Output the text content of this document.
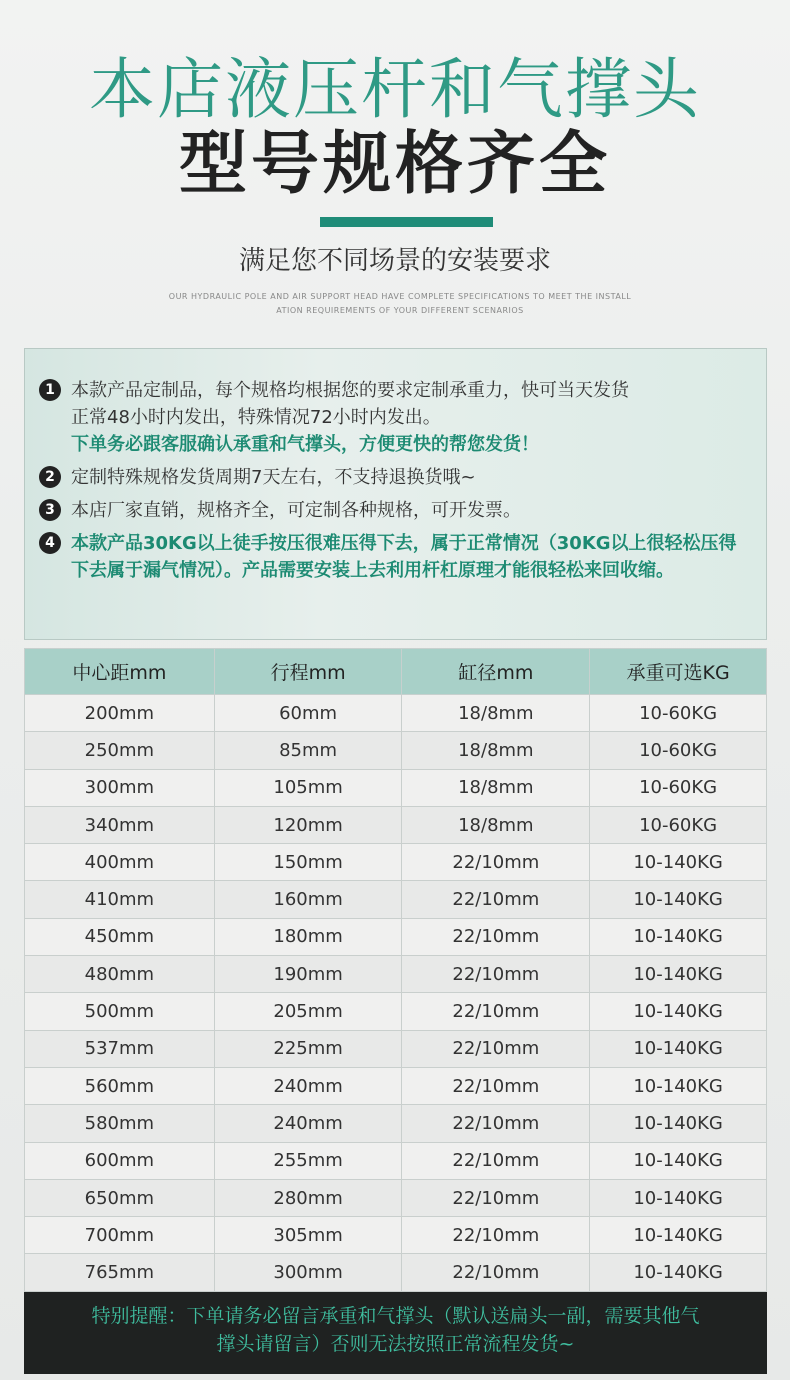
本店液压杆和气撑头
型号规格齐全
满足您不同场景的安装要求
OUR HYDRAULIC POLE AND AIR SUPPORT HEAD HAVE COMPLETE SPECIFICATIONS TO MEET THE INSTALL
ATION REQUIREMENTS OF YOUR DIFFERENT SCENARIOS
1 本款产品定制品，每个规格均根据您的要求定制承重力，快可当天发货
正常48小时内发出，特殊情况72小时内发出。
下单务必跟客服确认承重和气撑头，方便更快的帮您发货！
2 定制特殊规格发货周期7天左右，不支持退换货哦~
3 本店厂家直销，规格齐全，可定制各种规格，可开发票。
4 本款产品30KG以上徒手按压很难压得下去，属于正常情况（30KG以上很轻松压得下去属于漏气情况）。产品需要安装上去利用杆杠原理才能很轻松来回收缩。
中心距mm	行程mm	缸径mm	承重可选KG
200mm	60mm	18/8mm	10-60KG
250mm	85mm	18/8mm	10-60KG
300mm	105mm	18/8mm	10-60KG
340mm	120mm	18/8mm	10-60KG
400mm	150mm	22/10mm	10-140KG
410mm	160mm	22/10mm	10-140KG
450mm	180mm	22/10mm	10-140KG
480mm	190mm	22/10mm	10-140KG
500mm	205mm	22/10mm	10-140KG
537mm	225mm	22/10mm	10-140KG
560mm	240mm	22/10mm	10-140KG
580mm	240mm	22/10mm	10-140KG
600mm	255mm	22/10mm	10-140KG
650mm	280mm	22/10mm	10-140KG
700mm	305mm	22/10mm	10-140KG
765mm	300mm	22/10mm	10-140KG
特别提醒：下单请务必留言承重和气撑头（默认送扁头一副，需要其他气
撑头请留言）否则无法按照正常流程发货~
